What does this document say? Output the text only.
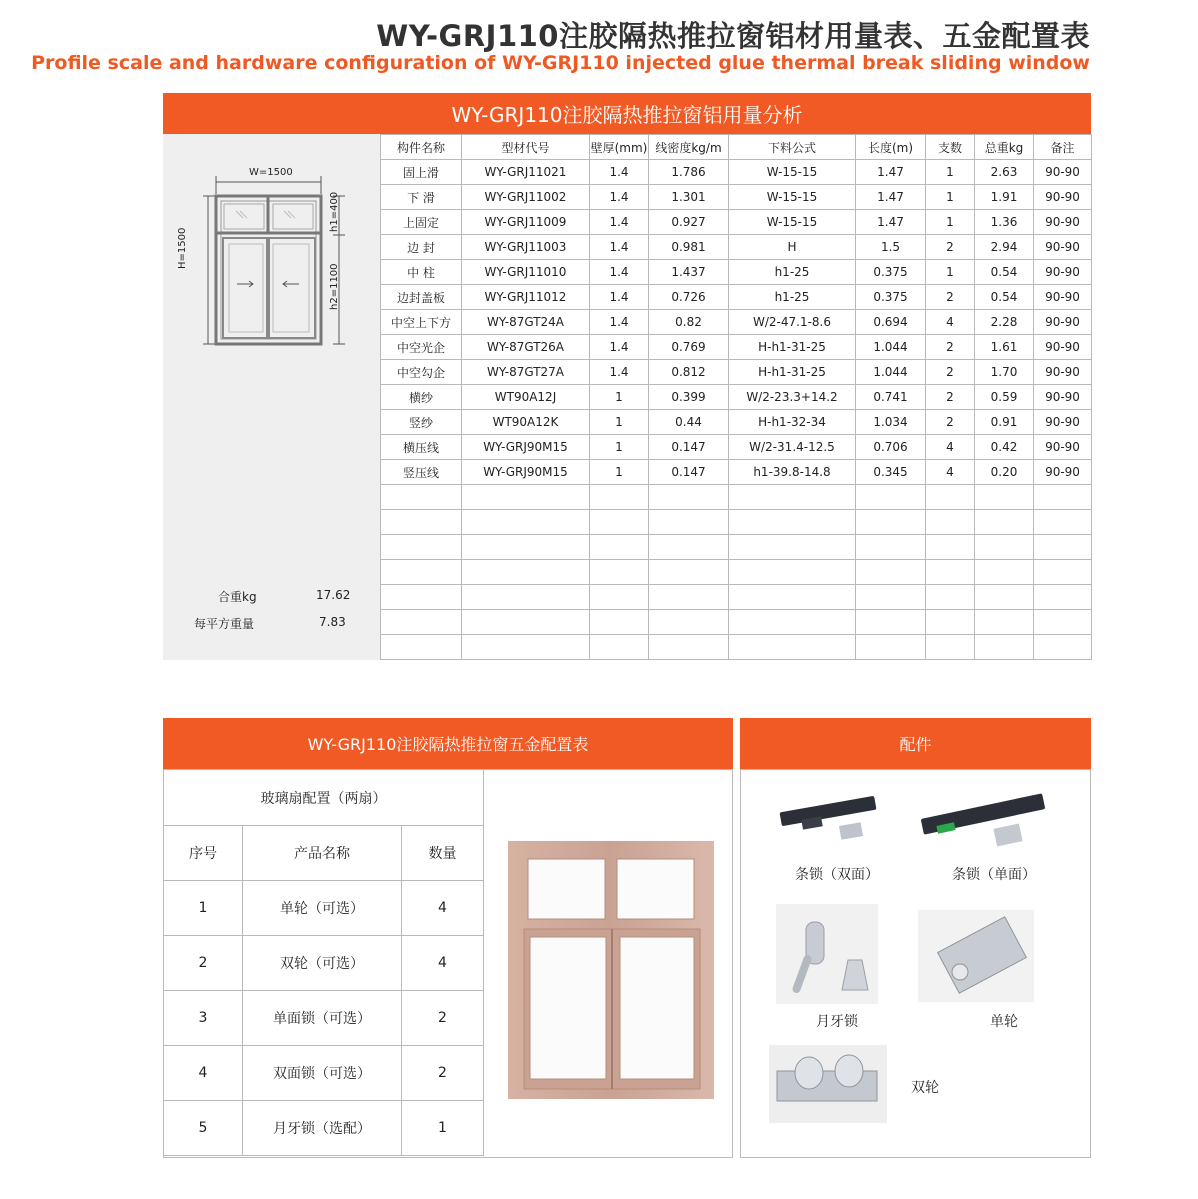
WY-GRJ110注胶隔热推拉窗铝材用量表、五金配置表
Profile scale and hardware configuration of WY-GRJ110 injected glue thermal break sliding window
WY-GRJ110注胶隔热推拉窗铝用量分析
W=1500
H=1500
h1=400
h2=1100
合重kg	17.62
每平方重量	7.83
构件名称	型材代号	壁厚(mm)	线密度kg/m	下料公式	长度(m)	支数	总重kg	备注
固上滑	WY-GRJ11021	1.4	1.786	W-15-15	1.47	1	2.63	90-90
下 滑	WY-GRJ11002	1.4	1.301	W-15-15	1.47	1	1.91	90-90
上固定	WY-GRJ11009	1.4	0.927	W-15-15	1.47	1	1.36	90-90
边 封	WY-GRJ11003	1.4	0.981	H	1.5	2	2.94	90-90
中 柱	WY-GRJ11010	1.4	1.437	h1-25	0.375	1	0.54	90-90
边封盖板	WY-GRJ11012	1.4	0.726	h1-25	0.375	2	0.54	90-90
中空上下方	WY-87GT24A	1.4	0.82	W/2-47.1-8.6	0.694	4	2.28	90-90
中空光企	WY-87GT26A	1.4	0.769	H-h1-31-25	1.044	2	1.61	90-90
中空勾企	WY-87GT27A	1.4	0.812	H-h1-31-25	1.044	2	1.70	90-90
横纱	WT90A12J	1	0.399	W/2-23.3+14.2	0.741	2	0.59	90-90
竖纱	WT90A12K	1	0.44	H-h1-32-34	1.034	2	0.91	90-90
横压线	WY-GRJ90M15	1	0.147	W/2-31.4-12.5	0.706	4	0.42	90-90
竖压线	WY-GRJ90M15	1	0.147	h1-39.8-14.8	0.345	4	0.20	90-90

WY-GRJ110注胶隔热推拉窗五金配置表	配件
玻璃扇配置（两扇）		
序号	产品名称	数量
1	单轮（可选）	4
2	双轮（可选）	4
3	单面锁（可选）	2
4	双面锁（可选）	2
5	月牙锁（选配）	1
条锁（双面）	条锁（单面）
月牙锁	单轮
双轮
